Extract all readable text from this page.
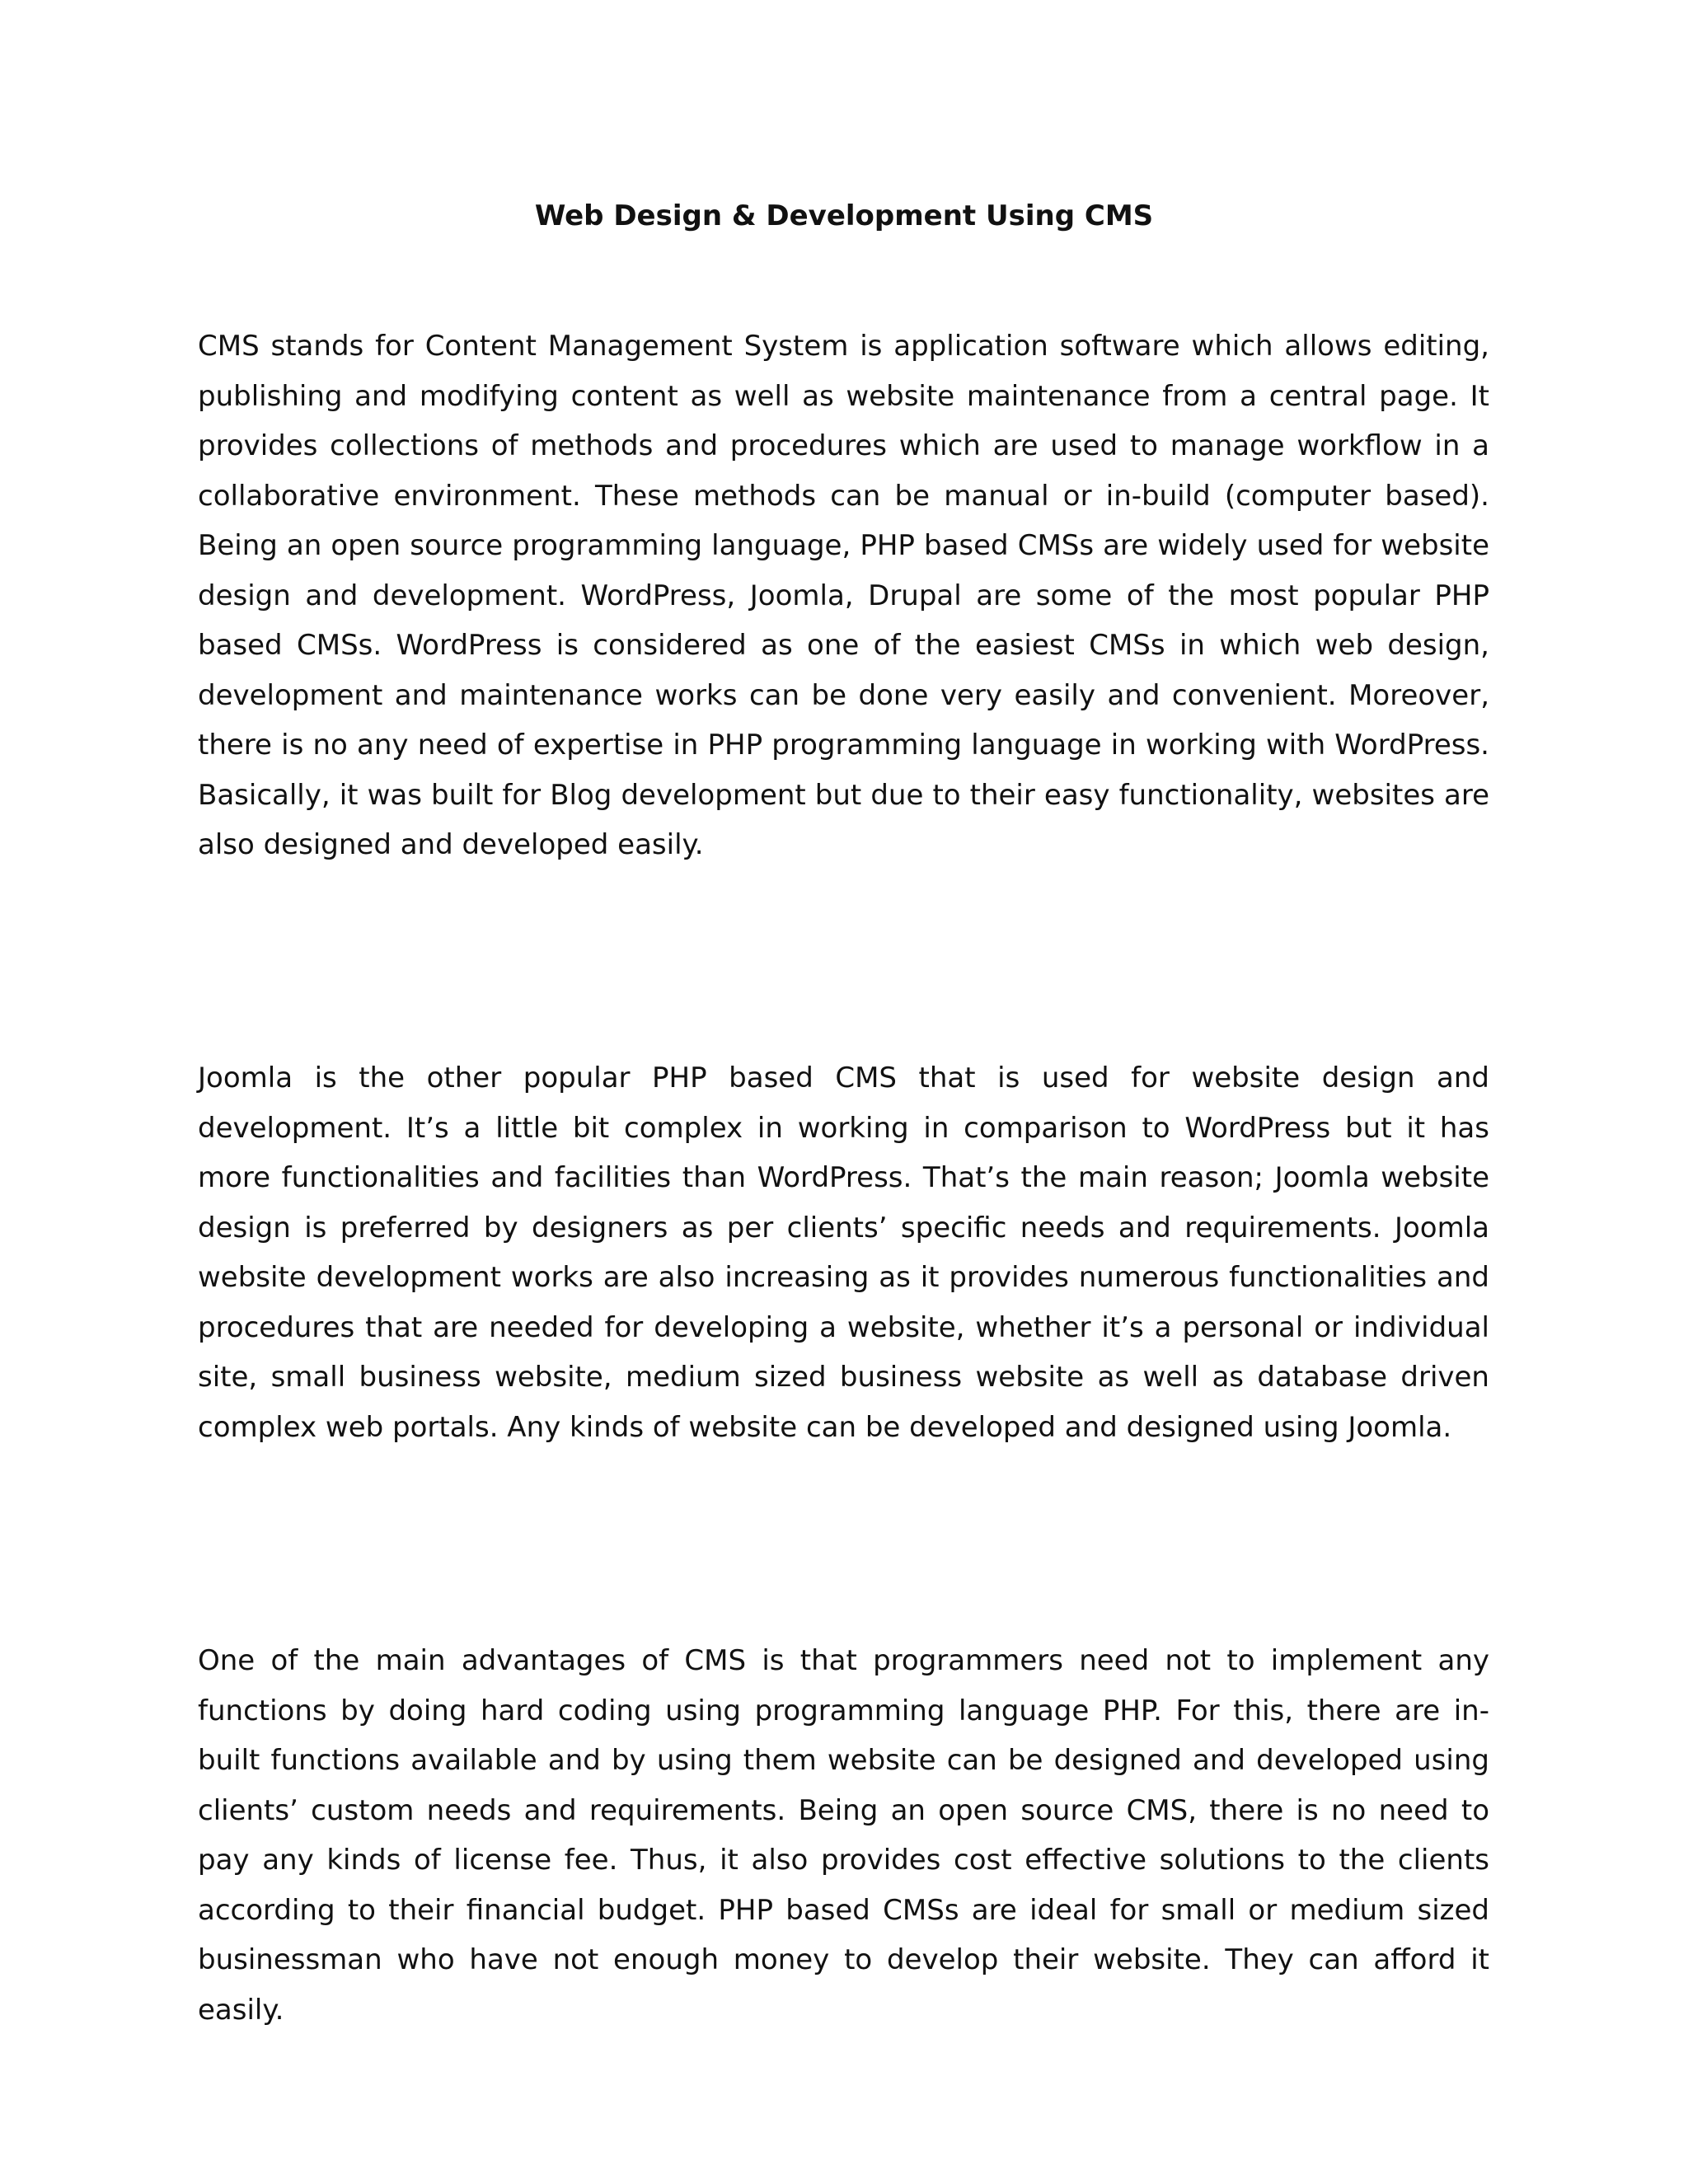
Web Design & Development Using CMS

CMS stands for Content Management System is application software which allows editing, publishing and modifying content as well as website maintenance from a central page. It provides collections of methods and procedures which are used to manage workflow in a collaborative environment. These methods can be manual or in-build (computer based). Being an open source programming language, PHP based CMSs are widely used for website design and development. WordPress, Joomla, Drupal are some of the most popular PHP based CMSs. WordPress is considered as one of the easiest CMSs in which web design, development and maintenance works can be done very easily and convenient. Moreover, there is no any need of expertise in PHP programming language in working with WordPress. Basically, it was built for Blog development but due to their easy functionality, websites are also designed and developed easily.

Joomla is the other popular PHP based CMS that is used for website design and development. It’s a little bit complex in working in comparison to WordPress but it has more functionalities and facilities than WordPress. That’s the main reason; Joomla website design is preferred by designers as per clients’ specific needs and requirements. Joomla website development works are also increasing as it provides numerous functionalities and procedures that are needed for developing a website, whether it’s a personal or individual site, small business website, medium sized business website as well as database driven complex web portals. Any kinds of website can be developed and designed using Joomla.

One of the main advantages of CMS is that programmers need not to implement any functions by doing hard coding using programming language PHP. For this, there are in-built functions available and by using them website can be designed and developed using clients’ custom needs and requirements. Being an open source CMS, there is no need to pay any kinds of license fee. Thus, it also provides cost effective solutions to the clients according to their financial budget. PHP based CMSs are ideal for small or medium sized businessman who have not enough money to develop their website. They can afford it easily.
